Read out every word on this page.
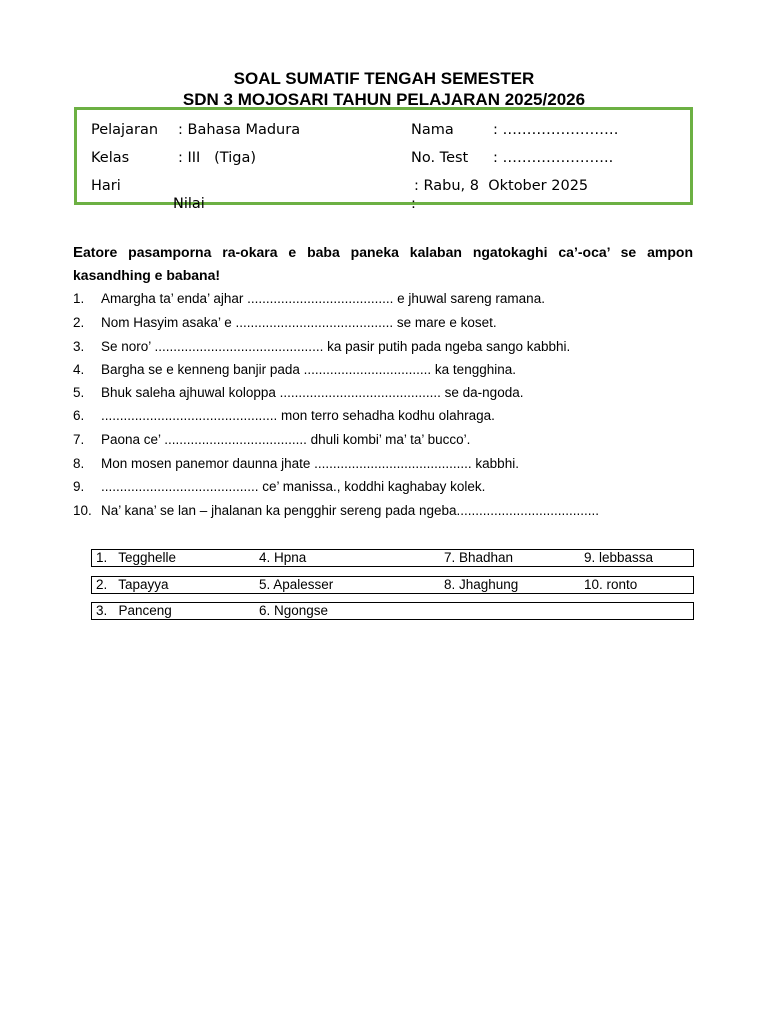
SOAL SUMATIF TENGAH SEMESTER
SDN 3 MOJOSARI TAHUN PELAJARAN 2025/2026
Pelajaran : Bahasa Madura	Nama	: ……………………
Kelas	: III   (Tiga)	No. Test : …………………..
Hari	: Rabu, 8  Oktober 2025
Nilai	:
Eatore pasamporna ra-okara e baba paneka kalaban ngatokaghi ca’-oca’ se ampon kasandhing e babana!
1. Amargha ta’ enda’ ajhar ....................................... e jhuwal sareng ramana.
2. Nom Hasyim asaka’ e .......................................... se mare e koset.
3. Se noro’ ............................................. ka pasir putih pada ngeba sango kabbhi.
4. Bargha se e kenneng banjir pada .................................. ka tengghina.
5. Bhuk saleha ajhuwal koloppa ........................................... se da-ngoda.
6. ............................................... mon terro sehadha kodhu olahraga.
7. Paona ce’ ...................................... dhuli kombi’ ma’ ta’ bucco’.
8. Mon mosen panemor daunna jhate .......................................... kabbhi.
9. .......................................... ce’ manissa., koddhi kaghabay kolek.
10. Na’ kana’ se lan – jhalanan ka pengghir sereng pada ngeba......................................
1.   Tegghelle	4. Hpna	7. Bhadhan	9. lebbassa
2.   Tapayya	5. Apalesser	8. Jhaghung	10. ronto
3.   Panceng	6. Ngongse
